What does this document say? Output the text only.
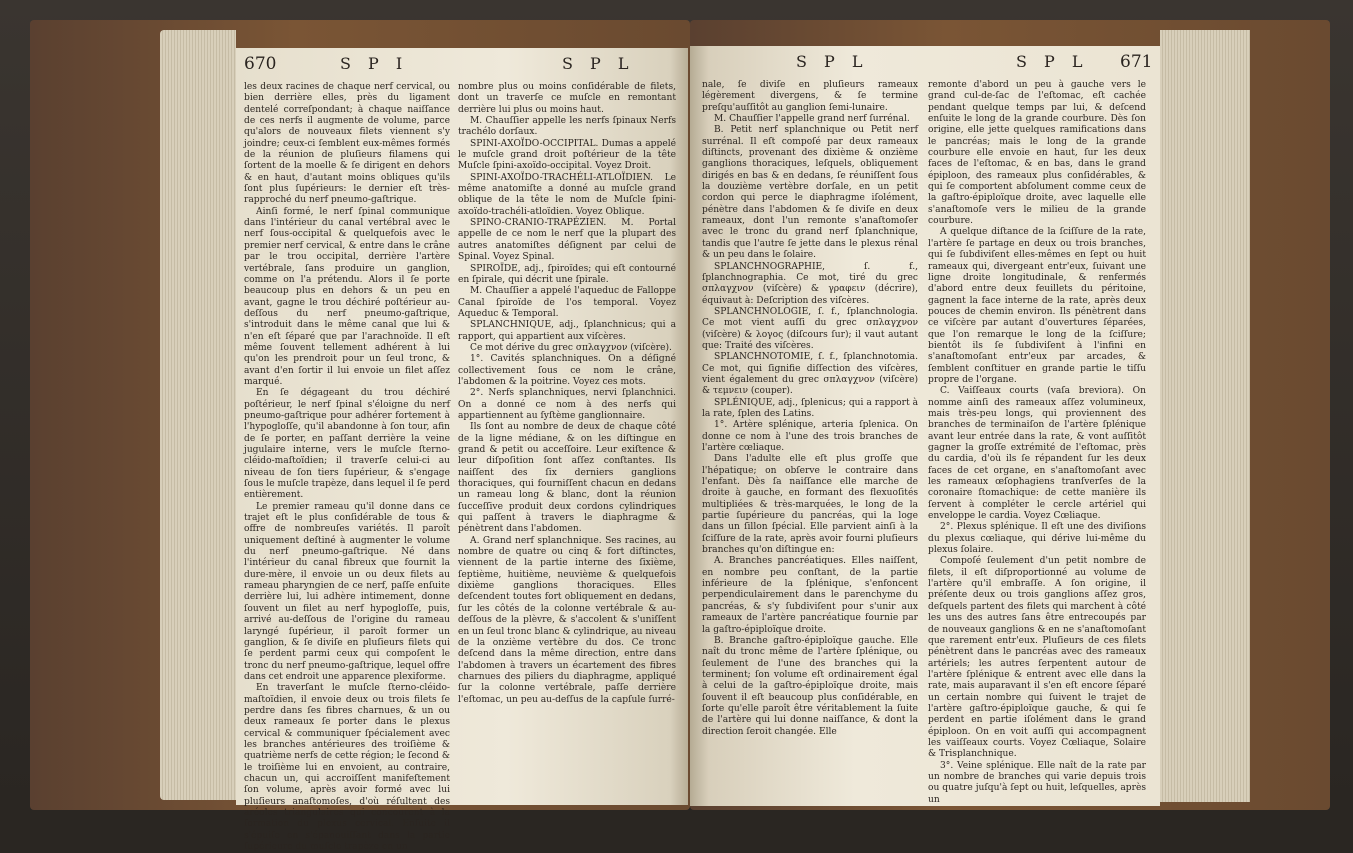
670	S P I	S P L

les deux racines de chaque nerf cervical, ou bien derrière elles, près du ligament dentelé correſpondant; à chaque naiſſance de ces nerfs il augmente de volume, parce qu'alors de nouveaux filets viennent s'y joindre; ceux-ci ſemblent eux-mêmes formés de la réunion de pluſieurs filamens qui ſortent de la moelle & ſe dirigent en dehors & en haut, d'autant moins obliques qu'ils ſont plus ſupérieurs: le dernier eſt très-rapproché du nerf pneumo-gaſtrique.

Ainſi formé, le nerf ſpinal communique dans l'intérieur du canal vertébral avec le nerf ſous-occipital & quelquefois avec le premier nerf cervical, & entre dans le crâne par le trou occipital, derrière l'artère vertébrale, ſans produire un ganglion, comme on l'a prétendu. Alors il ſe porte beaucoup plus en dehors & un peu en avant, gagne le trou déchiré poſtérieur au-deſſous du nerf pneumo-gaſtrique, s'introduit dans le même canal que lui & n'en eſt ſéparé que par l'arachnoïde. Il eſt même ſouvent tellement adhérent à lui qu'on les prendroit pour un ſeul tronc, & avant d'en ſortir il lui envoie un filet aſſez marqué.

En ſe dégageant du trou déchiré poſtérieur, le nerf ſpinal s'éloigne du nerf pneumo-gaſtrique pour adhérer fortement à l'hypogloſſe, qu'il abandonne à ſon tour, afin de ſe porter, en paſſant derrière la veine jugulaire interne, vers le muſcle ſterno-cléido-maſtoïdien; il traverſe celui-ci au niveau de ſon tiers ſupérieur, & s'engage ſous le muſcle trapèze, dans lequel il ſe perd entièrement.

Le premier rameau qu'il donne dans ce trajet eſt le plus conſidérable de tous & offre de nombreuſes variétés. Il paroît uniquement deſtiné à augmenter le volume du nerf pneumo-gaſtrique. Né dans l'intérieur du canal fibreux que fournit la dure-mère, il envoie un ou deux filets au rameau pharyngien de ce nerf, paſſe enſuite derrière lui, lui adhère intimement, donne ſouvent un filet au nerf hypogloſſe, puis, arrivé au-deſſous de l'origine du rameau laryngé ſupérieur, il paroît former un ganglion, & ſe diviſe en pluſieurs filets qui ſe perdent parmi ceux qui compoſent le tronc du nerf pneumo-gaſtrique, lequel offre dans cet endroit une apparence plexiforme.

En traverſant le muſcle ſterno-cléido-maſtoïdien, il envoie deux ou trois filets ſe perdre dans ſes fibres charnues, & un ou deux rameaux ſe porter dans le plexus cervical & communiquer ſpécialement avec les branches antérieures des troiſième & quatrième nerfs de cette région; le ſecond & le troiſième lui en envoient, au contraire, chacun un, qui accroiſſent manifeſtement ſon volume, après avoir formé avec lui pluſieurs anaſtomoſes, d'où réſultent des aréoles triangulaires qui concourent à la formation du plexus cervical. Enſuite il s'épuiſe en s'épanouiſſant dans la partie ſupérieure du muſcle trapèze en un

nombre plus ou moins conſidérable de filets, dont un traverſe ce muſcle en remontant derrière lui plus ou moins haut.

M. Chauſſier appelle les nerfs ſpinaux Nerfs trachélo dorſaux.

SPINI-AXOÏDO-OCCIPITAL. Dumas a appelé le muſcle grand droit poſtérieur de la tête Muſcle ſpini-axoïdo-occipital. Voyez Droit.

SPINI-AXOÏDO-TRACHÉLI-ATLOÏDIEN. Le même anatomiſte a donné au muſcle grand oblique de la tête le nom de Muſcle ſpini-axoïdo-trachéli-atloïdien. Voyez Oblique.

SPINO-CRANIO-TRAPÉZIEN. M. Portal appelle de ce nom le nerf que la plupart des autres anatomiſtes déſignent par celui de Spinal. Voyez Spinal.

SPIROÏDE, adj., ſpiroïdes; qui eſt contourné en ſpirale, qui décrit une ſpirale.

M. Chauſſier a appelé l'aqueduc de Falloppe Canal ſpiroïde de l'os temporal. Voyez Aqueduc & Temporal.

SPLANCHNIQUE, adj., ſplanchnicus; qui a rapport, qui appartient aux viſcères.

Ce mot dérive du grec σπλαγχνον (viſcère).

1°. Cavités splanchniques. On a déſigné collectivement ſous ce nom le crâne, l'abdomen & la poitrine. Voyez ces mots.

2°. Nerfs splanchniques, nervi ſplanchnici. On a donné ce nom à des nerfs qui appartiennent au ſyſtème ganglionnaire.

Ils ſont au nombre de deux de chaque côté de la ligne médiane, & on les diſtingue en grand & petit ou acceſſoire. Leur exiſtence & leur diſpoſition ſont aſſez conſtantes. Ils naiſſent des ſix derniers ganglions thoraciques, qui fourniſſent chacun en dedans un rameau long & blanc, dont la réunion ſucceſſive produit deux cordons cylindriques qui paſſent à travers le diaphragme & pénètrent dans l'abdomen.

A. Grand nerf splanchnique. Ses racines, au nombre de quatre ou cinq & fort diſtinctes, viennent de la partie interne des ſixième, ſeptième, huitième, neuvième & quelquefois dixième ganglions thoraciques. Elles deſcendent toutes fort obliquement en dedans, ſur les côtés de la colonne vertébrale & au-deſſous de la plèvre, & s'accolent & s'uniſſent en un ſeul tronc blanc & cylindrique, au niveau de la onzième vertèbre du dos. Ce tronc deſcend dans la même direction, entre dans l'abdomen à travers un écartement des fibres charnues des piliers du diaphragme, appliqué ſur la colonne vertébrale, paſſe derrière l'eſtomac, un peu au-deſſus de la capſule ſurré-

S P L	S P L 671

nale, ſe diviſe en pluſieurs rameaux légèrement divergens, & ſe termine preſqu'auſſitôt au ganglion ſemi-lunaire.

M. Chauſſier l'appelle grand nerf ſurrénal.

B. Petit nerf splanchnique ou Petit nerf surrénal. Il eſt compoſé par deux rameaux diſtincts, provenant des dixième & onzième ganglions thoraciques, leſquels, obliquement dirigés en bas & en dedans, ſe réuniſſent ſous la douzième vertèbre dorſale, en un petit cordon qui perce le diaphragme iſolément, pénètre dans l'abdomen & ſe diviſe en deux rameaux, dont l'un remonte s'anaſtomoſer avec le tronc du grand nerf ſplanchnique, tandis que l'autre ſe jette dans le plexus rénal & un peu dans le ſolaire.

SPLANCHNOGRAPHIE, ſ. f., ſplanchnographia. Ce mot, tiré du grec σπλαγχνον (viſcère) & γραφειν (décrire), équivaut à: Deſcription des viſcères.

SPLANCHNOLOGIE, ſ. f., ſplanchnologia. Ce mot vient auſſi du grec σπλαγχνον (viſcère) & λογος (diſcours ſur); il vaut autant que: Traité des viſcères.

SPLANCHNOTOMIE, ſ. f., ſplanchnotomia. Ce mot, qui ſignifie diſſection des viſcères, vient également du grec σπλαγχνον (viſcère) & τεμνειν (couper).

SPLÉNIQUE, adj., ſplenicus; qui a rapport à la rate, ſplen des Latins.

1°. Artère splénique, arteria ſplenica. On donne ce nom à l'une des trois branches de l'artère cœliaque.

Dans l'adulte elle eſt plus groſſe que l'hépatique; on obſerve le contraire dans l'enfant. Dès ſa naiſſance elle marche de droite à gauche, en formant des flexuoſités multipliées & très-marquées, le long de la partie ſupérieure du pancréas, qui la loge dans un ſillon ſpécial. Elle parvient ainſi à la ſciſſure de la rate, après avoir fourni pluſieurs branches qu'on diſtingue en:

A. Branches pancréatiques. Elles naiſſent, en nombre peu conſtant, de la partie inférieure de la ſplénique, s'enfoncent perpendiculairement dans le parenchyme du pancréas, & s'y ſubdiviſent pour s'unir aux rameaux de l'artère pancréatique fournie par la gaſtro-épiploïque droite.

B. Branche gaſtro-épiploïque gauche. Elle naît du tronc même de l'artère ſplénique, ou ſeulement de l'une des branches qui la terminent; ſon volume eſt ordinairement égal à celui de la gaſtro-épiploïque droite, mais ſouvent il eſt beaucoup plus conſidérable, en ſorte qu'elle paroît être véritablement la ſuite de l'artère qui lui donne naiſſance, & dont la direction ſeroit changée. Elle

remonte d'abord un peu à gauche vers le grand cul-de-ſac de l'eſtomac, eſt cachée pendant quelque temps par lui, & deſcend enſuite le long de la grande courbure. Dès ſon origine, elle jette quelques ramifications dans le pancréas; mais le long de la grande courbure elle envoie en haut, ſur les deux faces de l'eſtomac, & en bas, dans le grand épiploon, des rameaux plus conſidérables, & qui ſe comportent abſolument comme ceux de la gaſtro-épiploïque droite, avec laquelle elle s'anaſtomoſe vers le milieu de la grande courbure.

A quelque diſtance de la ſciſſure de la rate, l'artère ſe partage en deux ou trois branches, qui ſe ſubdiviſent elles-mêmes en ſept ou huit rameaux qui, divergeant entr'eux, ſuivant une ligne droite longitudinale, & renfermés d'abord entre deux feuillets du péritoine, gagnent la face interne de la rate, après deux pouces de chemin environ. Ils pénètrent dans ce viſcère par autant d'ouvertures ſéparées, que l'on remarque le long de la ſciſſure; bientôt ils ſe ſubdiviſent à l'infini en s'anaſtomoſant entr'eux par arcades, & ſemblent conſtituer en grande partie le tiſſu propre de l'organe.

C. Vaiſſeaux courts (vaſa breviora). On nomme ainſi des rameaux aſſez volumineux, mais très-peu longs, qui proviennent des branches de terminaiſon de l'artère ſplénique avant leur entrée dans la rate, & vont auſſitôt gagner la groſſe extrémité de l'eſtomac, près du cardia, d'où ils ſe répandent ſur les deux faces de cet organe, en s'anaſtomoſant avec les rameaux œſophagiens tranſverſes de la coronaire ſtomachique: de cette manière ils ſervent à compléter le cercle artériel qui enveloppe le cardia. Voyez Cœliaque.

2°. Plexus splénique. Il eſt une des diviſions du plexus cœliaque, qui dérive lui-même du plexus ſolaire.

Compoſé ſeulement d'un petit nombre de filets, il eſt diſproportionné au volume de l'artère qu'il embraſſe. A ſon origine, il préſente deux ou trois ganglions aſſez gros, deſquels partent des filets qui marchent à côté les uns des autres ſans être entrecoupés par de nouveaux ganglions & en ne s'anaſtomoſant que rarement entr'eux. Pluſieurs de ces filets pénètrent dans le pancréas avec des rameaux artériels; les autres ſerpentent autour de l'artère ſplénique & entrent avec elle dans la rate, mais auparavant il s'en eſt encore ſéparé un certain nombre qui ſuivent le trajet de l'artère gaſtro-épiploïque gauche, & qui ſe perdent en partie iſolément dans le grand épiploon. On en voit auſſi qui accompagnent les vaiſſeaux courts. Voyez Cœliaque, Solaire & Trisplanchnique.

3°. Veine splénique. Elle naît de la rate par un nombre de branches qui varie depuis trois ou quatre juſqu'à ſept ou huit, leſquelles, après un
